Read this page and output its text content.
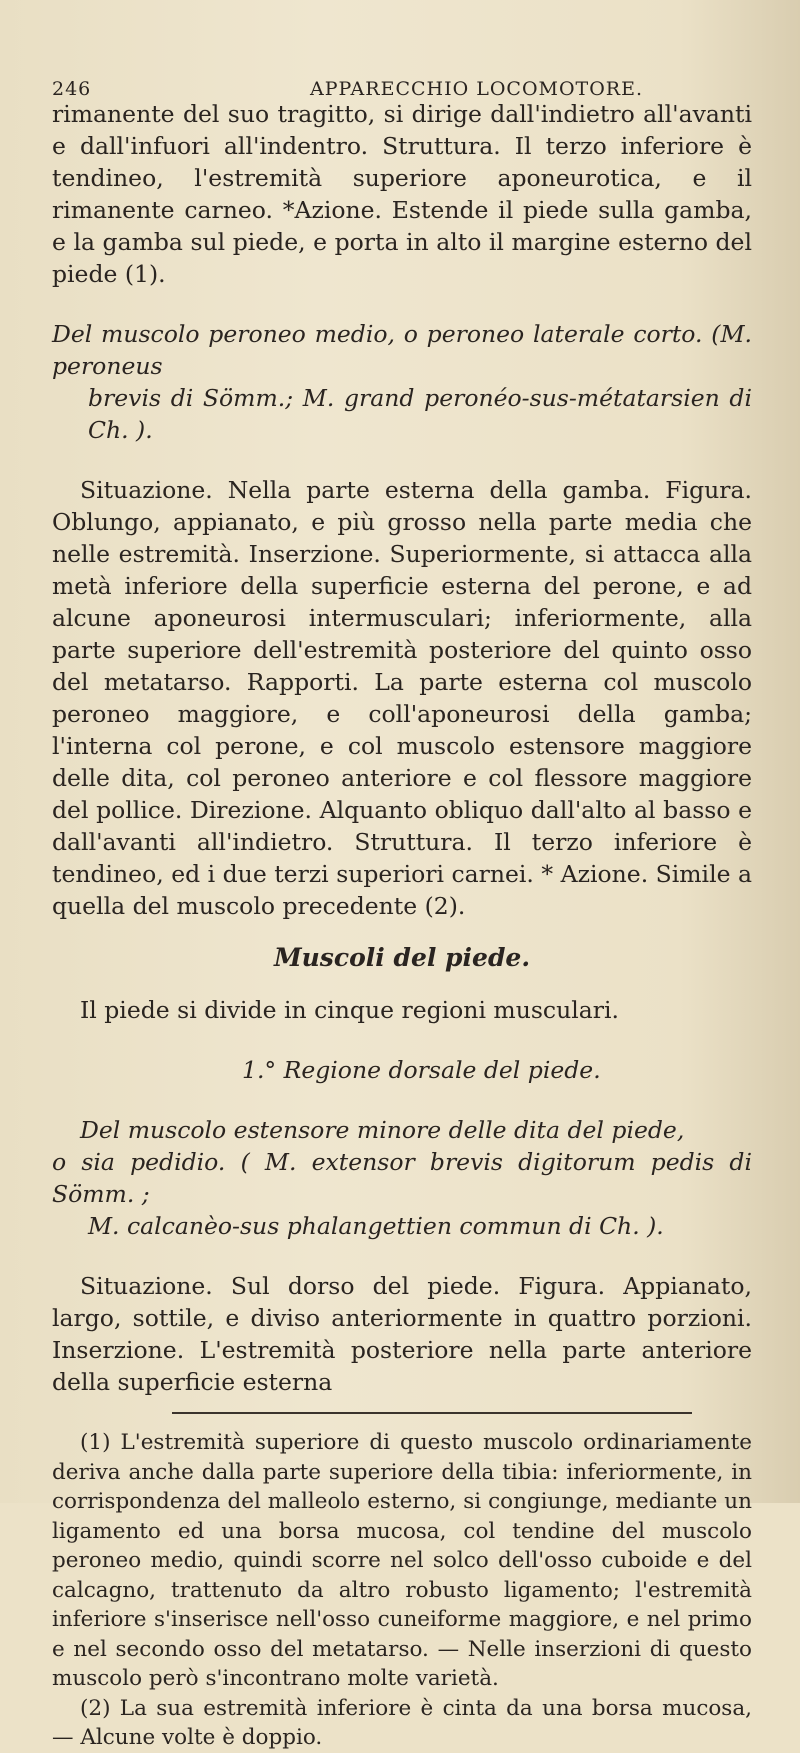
246	APPARECCHIO LOCOMOTORE.

rimanente del suo tragitto, si dirige dall'indietro all'avanti e dall'infuori all'indentro. Struttura. Il terzo inferiore è tendineo, l'estremità superiore aponeurotica, e il rimanente carneo. *Azione. Estende il piede sulla gamba, e la gamba sul piede, e porta in alto il margine esterno del piede (1).

Del muscolo peroneo medio, o peroneo laterale corto. (M. peroneus

brevis di Sömm.; M. grand peronéo-sus-métatarsien di Ch. ).

Situazione. Nella parte esterna della gamba. Figura. Oblungo, appianato, e più grosso nella parte media che nelle estremità. Inserzione. Superiormente, si attacca alla metà inferiore della superficie esterna del perone, e ad alcune aponeurosi intermusculari; inferiormente, alla parte superiore dell'estremità posteriore del quinto osso del metatarso. Rapporti. La parte esterna col muscolo peroneo maggiore, e coll'aponeurosi della gamba; l'interna col perone, e col muscolo estensore maggiore delle dita, col peroneo anteriore e col flessore maggiore del pollice. Direzione. Alquanto obliquo dall'alto al basso e dall'avanti all'indietro. Struttura. Il terzo inferiore è tendineo, ed i due terzi superiori carnei. * Azione. Simile a quella del muscolo precedente (2).

Muscoli del piede.

Il piede si divide in cinque regioni musculari.

1.° Regione dorsale del piede.

Del muscolo estensore minore delle dita del piede,

o sia pedidio. ( M. extensor brevis digitorum pedis di Sömm. ;

M. calcanèo-sus phalangettien commun di Ch. ).

Situazione. Sul dorso del piede. Figura. Appianato, largo, sottile, e diviso anteriormente in quattro porzioni. Inserzione. L'estremità posteriore nella parte anteriore della superficie esterna

(1) L'estremità superiore di questo muscolo ordinariamente deriva anche dalla parte superiore della tibia: inferiormente, in corrispondenza del malleolo esterno, si congiunge, mediante un ligamento ed una borsa mucosa, col tendine del muscolo peroneo medio, quindi scorre nel solco dell'osso cuboide e del calcagno, trattenuto da altro robusto ligamento; l'estremità inferiore s'inserisce nell'osso cuneiforme maggiore, e nel primo e nel secondo osso del metatarso. — Nelle inserzioni di questo muscolo però s'incontrano molte varietà.

(2) La sua estremità inferiore è cinta da una borsa mucosa, — Alcune volte è doppio.
